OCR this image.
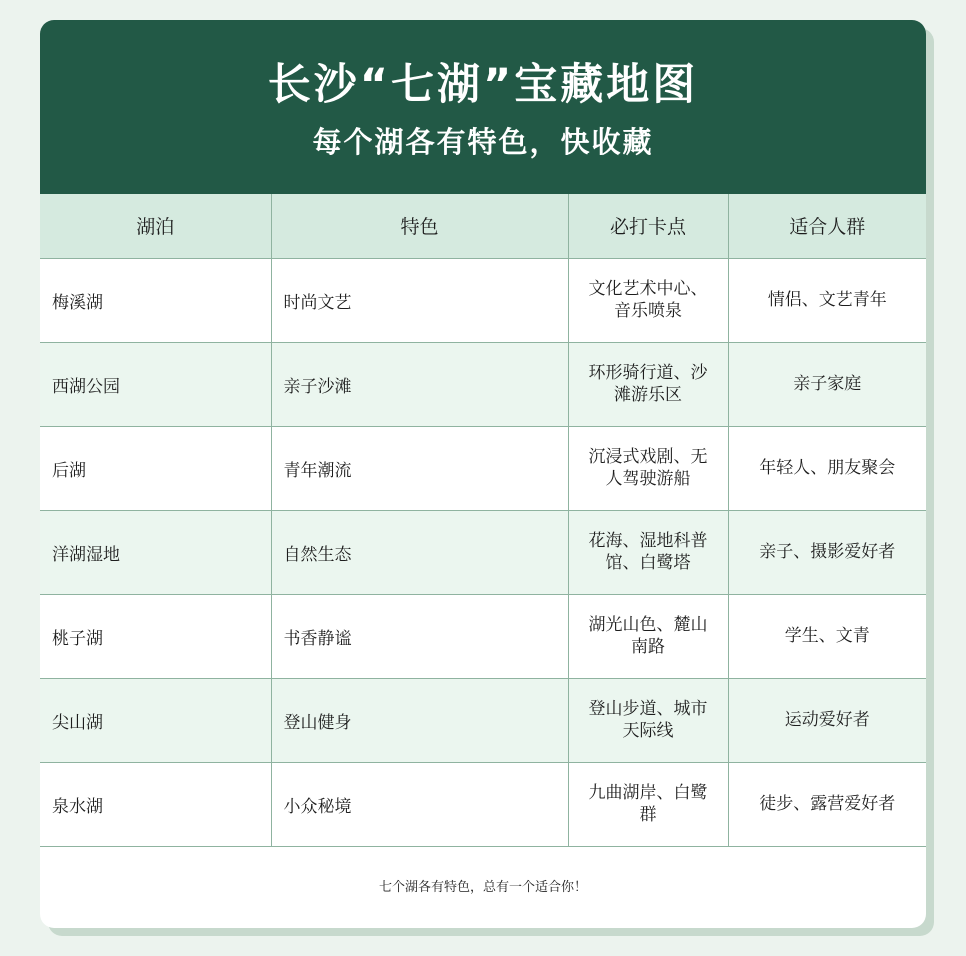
长沙“七湖”宝藏地图
每个湖各有特色，快收藏
湖泊	特色	必打卡点	适合人群
梅溪湖	时尚文艺	文化艺术中心、音乐喷泉	情侣、文艺青年
西湖公园	亲子沙滩	环形骑行道、沙滩游乐区	亲子家庭
后湖	青年潮流	沉浸式戏剧、无人驾驶游船	年轻人、朋友聚会
洋湖湿地	自然生态	花海、湿地科普馆、白鹭塔	亲子、摄影爱好者
桃子湖	书香静谧	湖光山色、麓山南路	学生、文青
尖山湖	登山健身	登山步道、城市天际线	运动爱好者
泉水湖	小众秘境	九曲湖岸、白鹭群	徒步、露营爱好者
七个湖各有特色，总有一个适合你！
